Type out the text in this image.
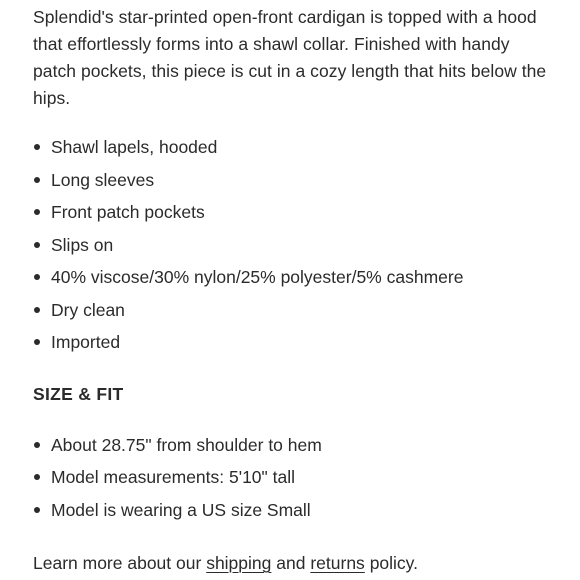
Splendid's star-printed open-front cardigan is topped with a hood that effortlessly forms into a shawl collar. Finished with handy patch pockets, this piece is cut in a cozy length that hits below the hips.

Shawl lapels, hooded
Long sleeves
Front patch pockets
Slips on
40% viscose/30% nylon/25% polyester/5% cashmere
Dry clean
Imported
SIZE & FIT
About 28.75" from shoulder to hem
Model measurements: 5'10" tall
Model is wearing a US size Small

Learn more about our shipping and returns policy.
